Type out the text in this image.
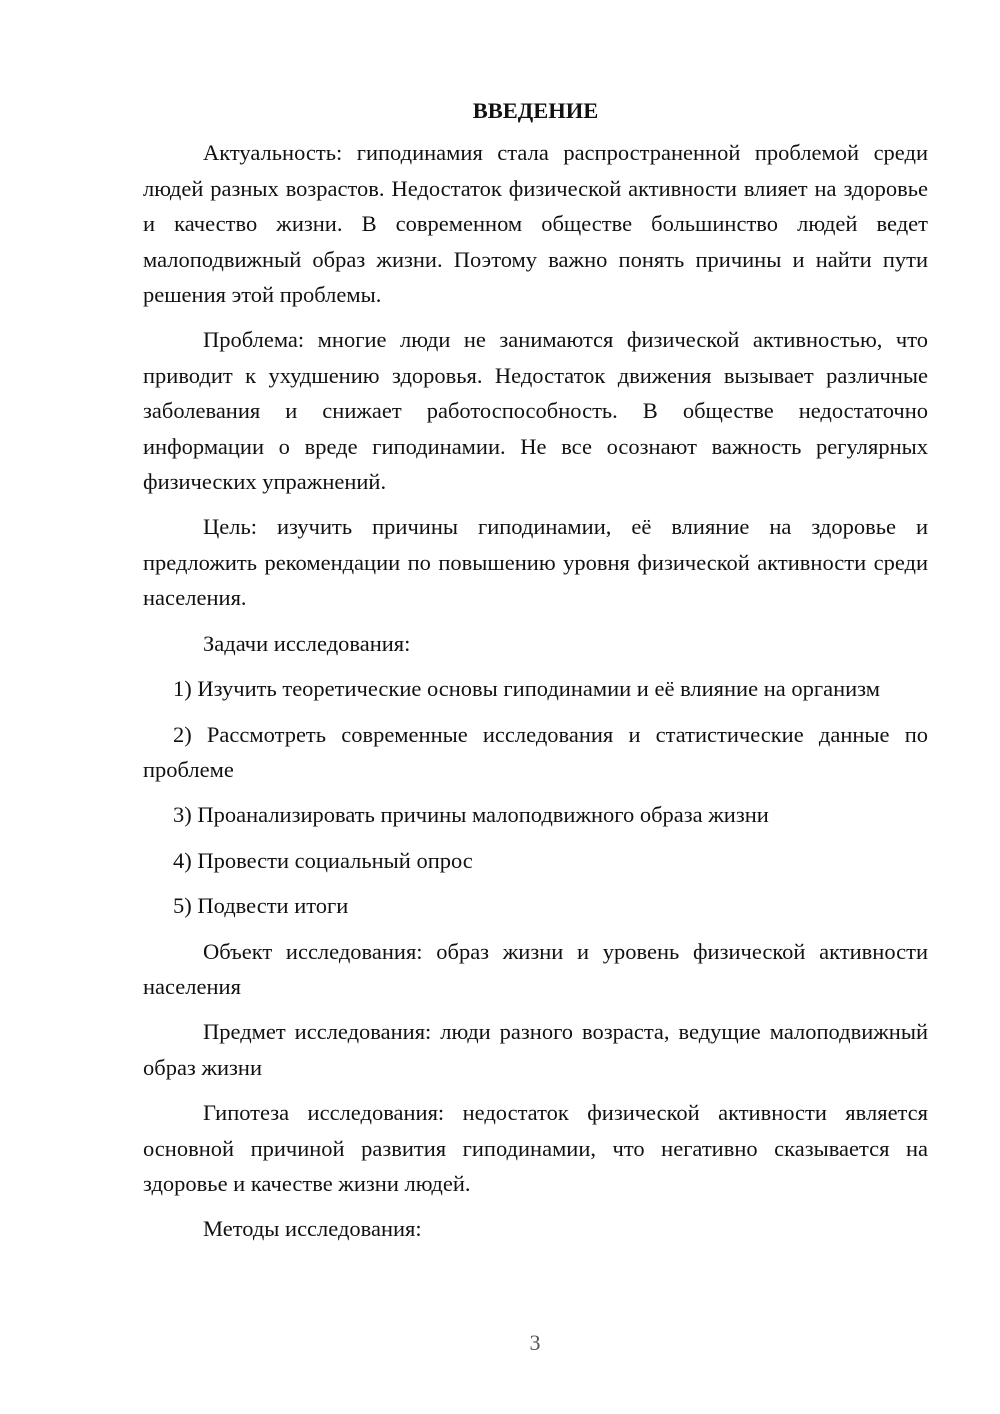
ВВЕДЕНИЕ

Актуальность: гиподинамия стала распространенной проблемой среди людей разных возрастов. Недостаток физической активности влияет на здоровье и качество жизни. В современном обществе большинство людей ведет малоподвижный образ жизни. Поэтому важно понять причины и найти пути решения этой проблемы.

Проблема: многие люди не занимаются физической активностью, что приводит к ухудшению здоровья. Недостаток движения вызывает различные заболевания и снижает работоспособность. В обществе недостаточно информации о вреде гиподинамии. Не все осознают важность регулярных физических упражнений.

Цель: изучить причины гиподинамии, её влияние на здоровье и предложить рекомендации по повышению уровня физической активности среди населения.

Задачи исследования:

1) Изучить теоретические основы гиподинамии и её влияние на организм

2) Рассмотреть современные исследования и статистические данные по проблеме

3) Проанализировать причины малоподвижного образа жизни

4) Провести социальный опрос

5) Подвести итоги

Объект исследования: образ жизни и уровень физической активности населения

Предмет исследования: люди разного возраста, ведущие малоподвижный образ жизни

Гипотеза исследования: недостаток физической активности является основной причиной развития гиподинамии, что негативно сказывается на здоровье и качестве жизни людей.

Методы исследования:

3
